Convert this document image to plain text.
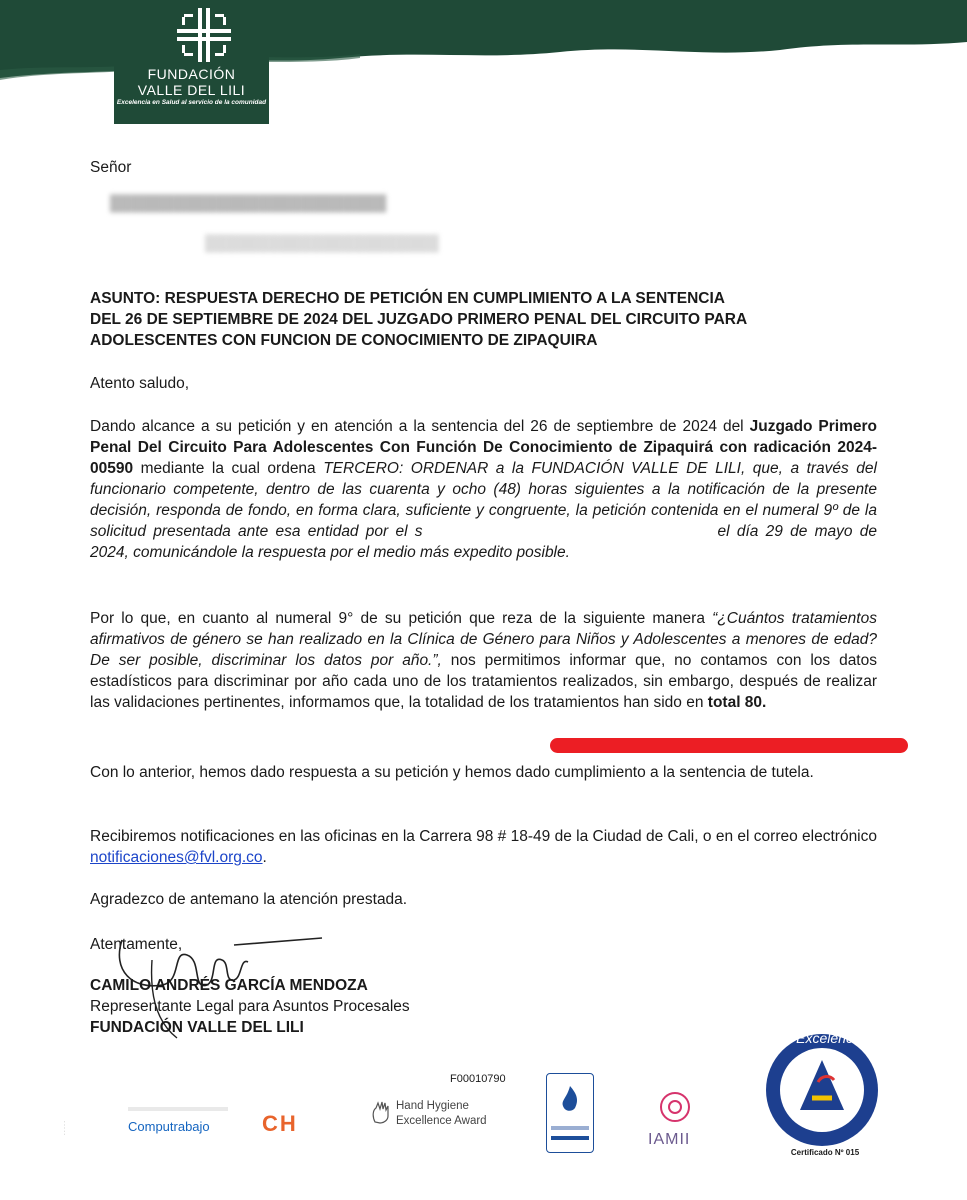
FUNDACIÓN
VALLE DEL LILI
Excelencia en Salud al servicio de la comunidad
Señor
██████████████████████████
██████████████████████
ASUNTO: RESPUESTA DERECHO DE PETICIÓN EN CUMPLIMIENTO A LA SENTENCIA
DEL 26 DE SEPTIEMBRE DE 2024 DEL JUZGADO PRIMERO PENAL DEL CIRCUITO PARA
ADOLESCENTES CON FUNCION DE CONOCIMIENTO DE ZIPAQUIRA
Atento saludo,
Dando alcance a su petición y en atención a la sentencia del 26 de septiembre de 2024 del Juzgado Primero Penal Del Circuito Para Adolescentes Con Función De Conocimiento de Zipaquirá con radicación 2024-00590 mediante la cual ordena TERCERO: ORDENAR a la FUNDACIÓN VALLE DE LILI, que, a través del funcionario competente, dentro de las cuarenta y ocho (48) horas siguientes a la notificación de la presente decisión, responda de fondo, en forma clara, suficiente y congruente, la petición contenida en el numeral 9º de la solicitud presentada ante esa entidad por el s	el día 29 de mayo de 2024, comunicándole la respuesta por el medio más expedito posible.
Por lo que, en cuanto al numeral 9° de su petición que reza de la siguiente manera “¿Cuántos tratamientos afirmativos de género se han realizado en la Clínica de Género para Niños y Adolescentes a menores de edad? De ser posible, discriminar los datos por año.”, nos permitimos informar que, no contamos con los datos estadísticos para discriminar por año cada uno de los tratamientos realizados, sin embargo, después de realizar las validaciones pertinentes, informamos que, la totalidad de los tratamientos han sido en total 80.
Con lo anterior, hemos dado respuesta a su petición y hemos dado cumplimiento a la sentencia de tutela.
Recibiremos notificaciones en las oficinas en la Carrera 98 # 18-49 de la Ciudad de Cali, o en el correo electrónico notificaciones@fvl.org.co.
Agradezco de antemano la atención prestada.
Atentamente,
CAMILO ANDRÉS GARCÍA MENDOZA
Representante Legal para Asuntos Procesales
FUNDACIÓN VALLE DEL LILI
F00010790
· · · · ·	Computrabajo CH
Hand Hygiene
Excellence Award
IAMII
Excelencia
Certificado Nº 015
